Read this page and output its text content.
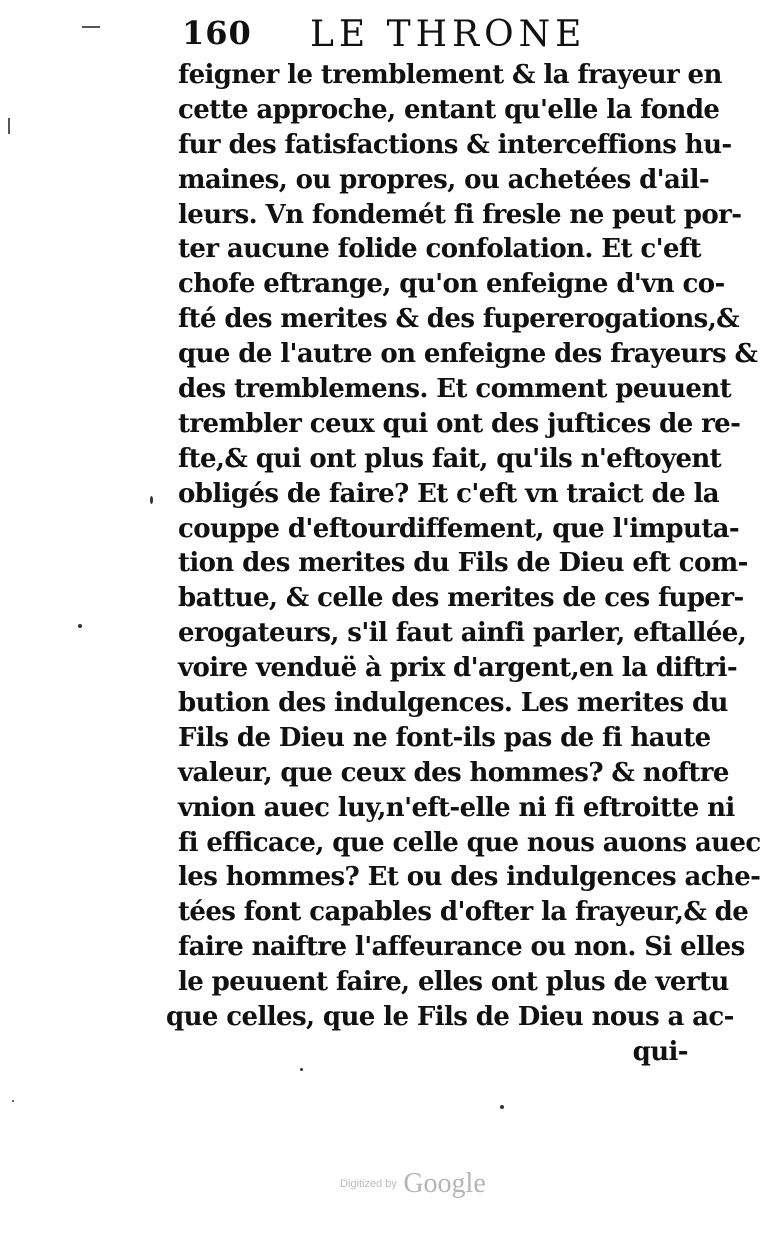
160 LE THRONE
feigner le tremblement & la frayeur en
cette approche, entant qu'elle la fonde
fur des fatisfactions & interceffions hu-
maines, ou propres, ou achetées d'ail-
leurs. Vn fondemét fi fresle ne peut por-
ter aucune folide confolation. Et c'eft
chofe eftrange, qu'on enfeigne d'vn co-
fté des merites & des fupererogations,&
que de l'autre on enfeigne des frayeurs &
des tremblemens. Et comment peuuent
trembler ceux qui ont des juftices de re-
fte,& qui ont plus fait, qu'ils n'eftoyent
obligés de faire? Et c'eft vn traict de la
couppe d'eftourdiffement, que l'imputa-
tion des merites du Fils de Dieu eft com-
battue, & celle des merites de ces fuper-
erogateurs, s'il faut ainfi parler, eftallée,
voire venduë à prix d'argent,en la diftri-
bution des indulgences. Les merites du
Fils de Dieu ne font-ils pas de fi haute
valeur, que ceux des hommes? & noftre
vnion auec luy,n'eft-elle ni fi eftroitte ni
fi efficace, que celle que nous auons auec
les hommes? Et ou des indulgences ache-
tées font capables d'ofter la frayeur,& de
faire naiftre l'affeurance ou non. Si elles
le peuuent faire, elles ont plus de vertu
que celles, que le Fils de Dieu nous a ac-
qui-
Digitized by Google
